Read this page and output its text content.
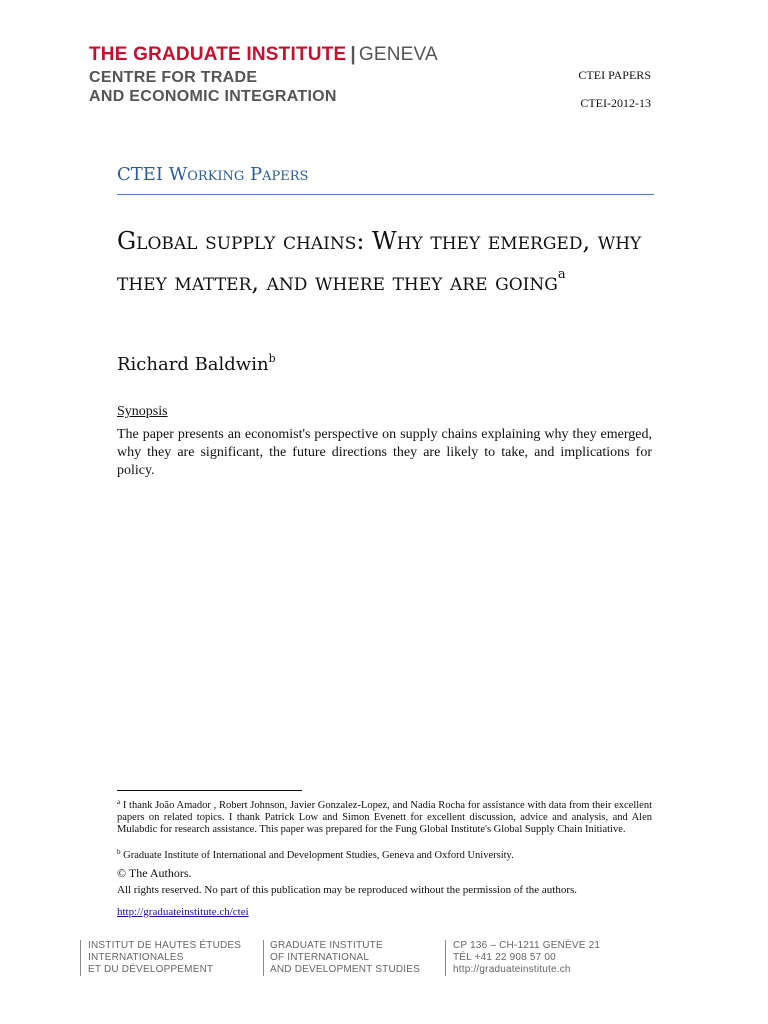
THE GRADUATE INSTITUTE | GENEVA
CENTRE FOR TRADE
AND ECONOMIC INTEGRATION
CTEI PAPERS
CTEI-2012-13
CTEI Working Papers
Global supply chains: Why they emerged, why they matter, and where they are going$^a$
Richard Baldwin$^b$
Synopsis
The paper presents an economist's perspective on supply chains explaining why they emerged, why they are significant, the future directions they are likely to take, and implications for policy.
$^a$ I thank João Amador , Robert Johnson, Javier Gonzalez-Lopez, and Nadia Rocha for assistance with data from their excellent papers on related topics. I thank Patrick Low and Simon Evenett for excellent discussion, advice and analysis, and Alen Mulabdic for research assistance. This paper was prepared for the Fung Global Institute's Global Supply Chain Initiative.
$^b$ Graduate Institute of International and Development Studies, Geneva and Oxford University.
© The Authors.
All rights reserved. No part of this publication may be reproduced without the permission of the authors.
http://graduateinstitute.ch/ctei
INSTITUT DE HAUTES ÉTUDES
INTERNATIONALES
ET DU DÉVELOPPEMENT
GRADUATE INSTITUTE
OF INTERNATIONAL
AND DEVELOPMENT STUDIES
CP 136 – CH-1211 GENÈVE 21
TÉL +41 22 908 57 00
http://graduateinstitute.ch
